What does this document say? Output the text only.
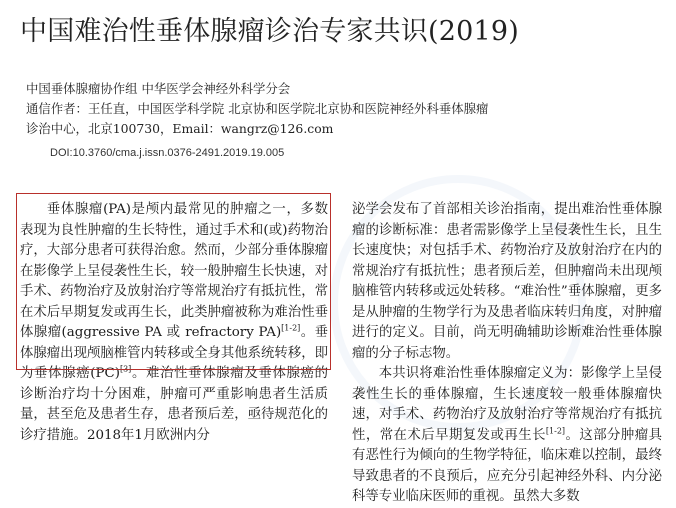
中国难治性垂体腺瘤诊治专家共识(2019)
中国垂体腺瘤协作组 中华医学会神经外科学分会
通信作者：王任直，中国医学科学院 北京协和医学院北京协和医院神经外科垂体腺瘤
诊治中心，北京100730，Email：wangrz@126.com
DOI:10.3760/cma.j.issn.0376-2491.2019.19.005

垂体腺瘤(PA)是颅内最常见的肿瘤之一，多数表现为良性肿瘤的生长特性，通过手术和(或)药物治疗，大部分患者可获得治愈。然而，少部分垂体腺瘤在影像学上呈侵袭性生长，较一般肿瘤生长快速，对手术、药物治疗及放射治疗等常规治疗有抵抗性，常在术后早期复发或再生长，此类肿瘤被称为难治性垂体腺瘤(aggressive PA 或 refractory PA)[1-2]。垂体腺瘤出现颅脑椎管内转移或全身其他系统转移，即为垂体腺癌(PC)[3]。难治性垂体腺瘤及垂体腺癌的诊断治疗均十分困难，肿瘤可严重影响患者生活质量，甚至危及患者生存，患者预后差，亟待规范化的诊疗措施。2018年1月欧洲内分

泌学会发布了首部相关诊治指南，提出难治性垂体腺瘤的诊断标准：患者需影像学上呈侵袭性生长，且生长速度快；对包括手术、药物治疗及放射治疗在内的常规治疗有抵抗性；患者预后差，但肿瘤尚未出现颅脑椎管内转移或远处转移。“难治性”垂体腺瘤，更多是从肿瘤的生物学行为及患者临床转归角度，对肿瘤进行的定义。目前，尚无明确辅助诊断难治性垂体腺瘤的分子标志物。

本共识将难治性垂体腺瘤定义为：影像学上呈侵袭性生长的垂体腺瘤，生长速度较一般垂体腺瘤快速，对手术、药物治疗及放射治疗等常规治疗有抵抗性，常在术后早期复发或再生长[1-2]。这部分肿瘤具有恶性行为倾向的生物学特征，临床难以控制，最终导致患者的不良预后，应充分引起神经外科、内分泌科等专业临床医师的重视。虽然大多数
